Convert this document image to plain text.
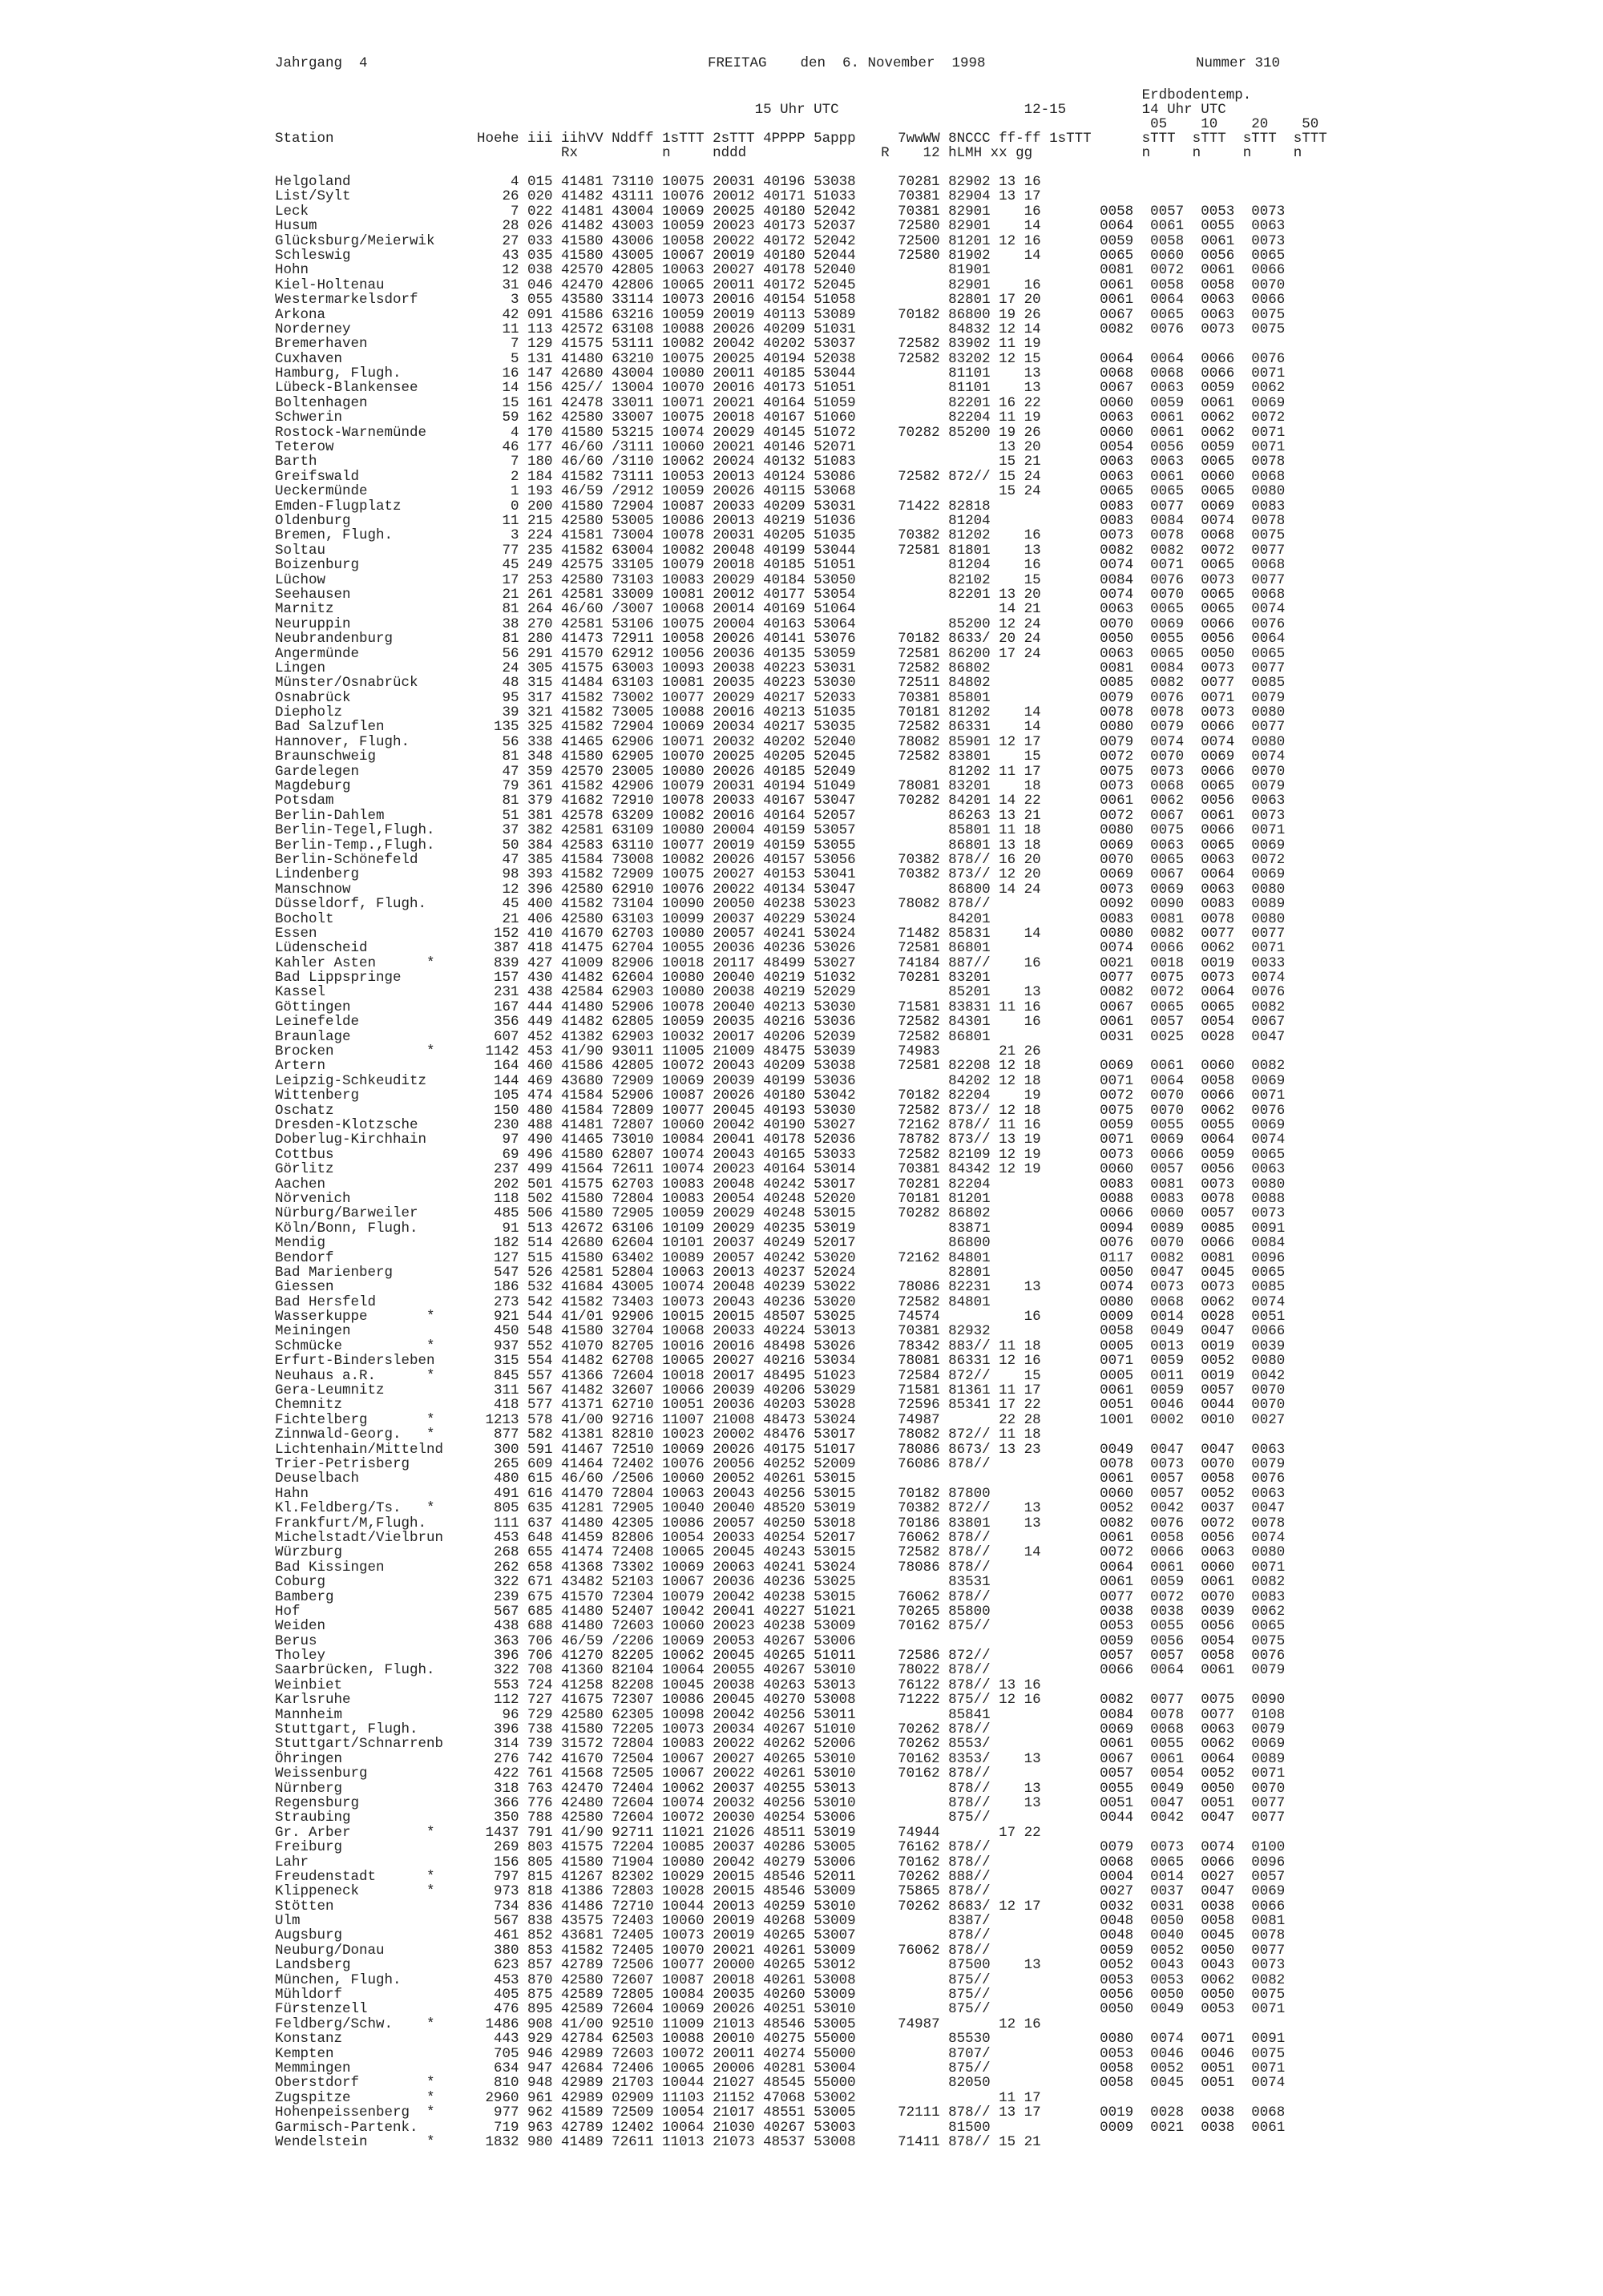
Jahrgang  4	FREITAG    den  6. November  1998	Nummer 310
Erdbodentemp.
15 Uhr UTC                      12-15         14 Uhr UTC
05    10    20    50
Station                 Hoehe iii iihVV Nddff 1sTTT 2sTTT 4PPPP 5appp     7wwWW 8NCCC ff-ff 1sTTT      sTTT  sTTT  sTTT  sTTT
Rx          n     nddd                R    12 hLMH xx gg             n     n     n     n
Helgoland                   4 015 41481 73110 10075 20031 40196 53038     70281 82902 13 16
List/Sylt                  26 020 41482 43111 10076 20012 40171 51033     70381 82904 13 17
Leck                        7 022 41481 43004 10069 20025 40180 52042     70381 82901    16       0058  0057  0053  0073
Husum                      28 026 41482 43003 10059 20023 40173 52037     72580 82901    14       0064  0061  0055  0063
Glücksburg/Meierwik        27 033 41580 43006 10058 20022 40172 52042     72500 81201 12 16       0059  0058  0061  0073
Schleswig                  43 035 41580 43005 10067 20019 40180 52044     72580 81902    14       0065  0060  0056  0065
Hohn                       12 038 42570 42805 10063 20027 40178 52040           81901             0081  0072  0061  0066
Kiel-Holtenau              31 046 42470 42806 10065 20011 40172 52045           82901    16       0061  0058  0058  0070
Westermarkelsdorf           3 055 43580 33114 10073 20016 40154 51058           82801 17 20       0061  0064  0063  0066
Arkona                     42 091 41586 63216 10059 20019 40113 53089     70182 86800 19 26       0067  0065  0063  0075
Norderney                  11 113 42572 63108 10088 20026 40209 51031           84832 12 14       0082  0076  0073  0075
Bremerhaven                 7 129 41575 53111 10082 20042 40202 53037     72582 83902 11 19
Cuxhaven                    5 131 41480 63210 10075 20025 40194 52038     72582 83202 12 15       0064  0064  0066  0076
Hamburg, Flugh.            16 147 42680 43004 10080 20011 40185 53044           81101    13       0068  0068  0066  0071
Lübeck-Blankensee          14 156 425// 13004 10070 20016 40173 51051           81101    13       0067  0063  0059  0062
Boltenhagen                15 161 42478 33011 10071 20021 40164 51059           82201 16 22       0060  0059  0061  0069
Schwerin                   59 162 42580 33007 10075 20018 40167 51060           82204 11 19       0063  0061  0062  0072
Rostock-Warnemünde          4 170 41580 53215 10074 20029 40145 51072     70282 85200 19 26       0060  0061  0062  0071
Teterow                    46 177 46/60 /3111 10060 20021 40146 52071                 13 20       0054  0056  0059  0071
Barth                       7 180 46/60 /3110 10062 20024 40132 51083                 15 21       0063  0063  0065  0078
Greifswald                  2 184 41582 73111 10053 20013 40124 53086     72582 872// 15 24       0063  0061  0060  0068
Ueckermünde                 1 193 46/59 /2912 10059 20026 40115 53068                 15 24       0065  0065  0065  0080
Emden-Flugplatz             0 200 41580 72904 10087 20033 40209 53031     71422 82818             0083  0077  0069  0083
Oldenburg                  11 215 42580 53005 10086 20013 40219 51036           81204             0083  0084  0074  0078
Bremen, Flugh.              3 224 41581 73004 10078 20031 40205 51035     70382 81202    16       0073  0078  0068  0075
Soltau                     77 235 41582 63004 10082 20048 40199 53044     72581 81801    13       0082  0082  0072  0077
Boizenburg                 45 249 42575 33105 10079 20018 40185 51051           81204    16       0074  0071  0065  0068
Lüchow                     17 253 42580 73103 10083 20029 40184 53050           82102    15       0084  0076  0073  0077
Seehausen                  21 261 42581 33009 10081 20012 40177 53054           82201 13 20       0074  0070  0065  0068
Marnitz                    81 264 46/60 /3007 10068 20014 40169 51064                 14 21       0063  0065  0065  0074
Neuruppin                  38 270 42581 53106 10075 20004 40163 53064           85200 12 24       0070  0069  0066  0076
Neubrandenburg             81 280 41473 72911 10058 20026 40141 53076     70182 8633/ 20 24       0050  0055  0056  0064
Angermünde                 56 291 41570 62912 10056 20036 40135 53059     72581 86200 17 24       0063  0065  0050  0065
Lingen                     24 305 41575 63003 10093 20038 40223 53031     72582 86802             0081  0084  0073  0077
Münster/Osnabrück          48 315 41484 63103 10081 20035 40223 53030     72511 84802             0085  0082  0077  0085
Osnabrück                  95 317 41582 73002 10077 20029 40217 52033     70381 85801             0079  0076  0071  0079
Diepholz                   39 321 41582 73005 10088 20016 40213 51035     70181 81202    14       0078  0078  0073  0080
Bad Salzuflen             135 325 41582 72904 10069 20034 40217 53035     72582 86331    14       0080  0079  0066  0077
Hannover, Flugh.           56 338 41465 62906 10071 20032 40202 52040     78082 85901 12 17       0079  0074  0074  0080
Braunschweig               81 348 41580 62905 10070 20025 40205 52045     72582 83801    15       0072  0070  0069  0074
Gardelegen                 47 359 42570 23005 10080 20026 40185 52049           81202 11 17       0075  0073  0066  0070
Magdeburg                  79 361 41582 42906 10079 20031 40194 51049     78081 83201    18       0073  0068  0065  0079
Potsdam                    81 379 41682 72910 10078 20033 40167 53047     70282 84201 14 22       0061  0062  0056  0063
Berlin-Dahlem              51 381 42578 63209 10082 20016 40164 52057           86263 13 21       0072  0067  0061  0073
Berlin-Tegel,Flugh.        37 382 42581 63109 10080 20004 40159 53057           85801 11 18       0080  0075  0066  0071
Berlin-Temp.,Flugh.        50 384 42583 63110 10077 20019 40159 53055           86801 13 18       0069  0063  0065  0069
Berlin-Schönefeld          47 385 41584 73008 10082 20026 40157 53056     70382 878// 16 20       0070  0065  0063  0072
Lindenberg                 98 393 41582 72909 10075 20027 40153 53041     70382 873// 12 20       0069  0067  0064  0069
Manschnow                  12 396 42580 62910 10076 20022 40134 53047           86800 14 24       0073  0069  0063  0080
Düsseldorf, Flugh.         45 400 41582 73104 10090 20050 40238 53023     78082 878//             0092  0090  0083  0089
Bocholt                    21 406 42580 63103 10099 20037 40229 53024           84201             0083  0081  0078  0080
Essen                     152 410 41670 62703 10080 20057 40241 53024     71482 85831    14       0080  0082  0077  0077
Lüdenscheid               387 418 41475 62704 10055 20036 40236 53026     72581 86801             0074  0066  0062  0071
Kahler Asten      *       839 427 41009 82906 10018 20117 48499 53027     74184 887//    16       0021  0018  0019  0033
Bad Lippspringe           157 430 41482 62604 10080 20040 40219 51032     70281 83201             0077  0075  0073  0074
Kassel                    231 438 42584 62903 10080 20038 40219 52029           85201    13       0082  0072  0064  0076
Göttingen                 167 444 41480 52906 10078 20040 40213 53030     71581 83831 11 16       0067  0065  0065  0082
Leinefelde                356 449 41482 62805 10059 20035 40216 53036     72582 84301    16       0061  0057  0054  0067
Braunlage                 607 452 41382 62903 10032 20017 40206 52039     72582 86801             0031  0025  0028  0047
Brocken           *      1142 453 41/90 93011 11005 21009 48475 53039     74983       21 26
Artern                    164 460 41586 42805 10072 20043 40209 53038     72581 82208 12 18       0069  0061  0060  0082
Leipzig-Schkeuditz        144 469 43680 72909 10069 20039 40199 53036           84202 12 18       0071  0064  0058  0069
Wittenberg                105 474 41584 52906 10087 20026 40180 53042     70182 82204    19       0072  0070  0066  0071
Oschatz                   150 480 41584 72809 10077 20045 40193 53030     72582 873// 12 18       0075  0070  0062  0076
Dresden-Klotzsche         230 488 41481 72807 10060 20042 40190 53027     72162 878// 11 16       0059  0055  0055  0069
Doberlug-Kirchhain         97 490 41465 73010 10084 20041 40178 52036     78782 873// 13 19       0071  0069  0064  0074
Cottbus                    69 496 41580 62807 10074 20043 40165 53033     72582 82109 12 19       0073  0066  0059  0065
Görlitz                   237 499 41564 72611 10074 20023 40164 53014     70381 84342 12 19       0060  0057  0056  0063
Aachen                    202 501 41575 62703 10083 20048 40242 53017     70281 82204             0083  0081  0073  0080
Nörvenich                 118 502 41580 72804 10083 20054 40248 52020     70181 81201             0088  0083  0078  0088
Nürburg/Barweiler         485 506 41580 72905 10059 20029 40248 53015     70282 86802             0066  0060  0057  0073
Köln/Bonn, Flugh.          91 513 42672 63106 10109 20029 40235 53019           83871             0094  0089  0085  0091
Mendig                    182 514 42680 62604 10101 20037 40249 52017           86800             0076  0070  0066  0084
Bendorf                   127 515 41580 63402 10089 20057 40242 53020     72162 84801             0117  0082  0081  0096
Bad Marienberg            547 526 42581 52804 10063 20013 40237 52024           82801             0050  0047  0045  0065
Giessen                   186 532 41684 43005 10074 20048 40239 53022     78086 82231    13       0074  0073  0073  0085
Bad Hersfeld              273 542 41582 73403 10073 20043 40236 53020     72582 84801             0080  0068  0062  0074
Wasserkuppe       *       921 544 41/01 92906 10015 20015 48507 53025     74574          16       0009  0014  0028  0051
Meiningen                 450 548 41580 32704 10068 20033 40224 53013     70381 82932             0058  0049  0047  0066
Schmücke          *       937 552 41070 82705 10016 20016 48498 53026     78342 883// 11 18       0005  0013  0019  0039
Erfurt-Bindersleben       315 554 41482 62708 10065 20027 40216 53034     78081 86331 12 16       0071  0059  0052  0080
Neuhaus a.R.      *       845 557 41366 72604 10018 20017 48495 51023     72584 872//    15       0005  0011  0019  0042
Gera-Leumnitz             311 567 41482 32607 10066 20039 40206 53029     71581 81361 11 17       0061  0059  0057  0070
Chemnitz                  418 577 41371 62710 10051 20036 40203 53028     72596 85341 17 22       0051  0046  0044  0070
Fichtelberg       *      1213 578 41/00 92716 11007 21008 48473 53024     74987       22 28       1001  0002  0010  0027
Zinnwald-Georg.   *       877 582 41381 82810 10023 20002 48476 53017     78082 872// 11 18
Lichtenhain/Mittelnd      300 591 41467 72510 10069 20026 40175 51017     78086 8673/ 13 23       0049  0047  0047  0063
Trier-Petrisberg          265 609 41464 72402 10076 20056 40252 52009     76086 878//             0078  0073  0070  0079
Deuselbach                480 615 46/60 /2506 10060 20052 40261 53015                             0061  0057  0058  0076
Hahn                      491 616 41470 72804 10063 20043 40256 53015     70182 87800             0060  0057  0052  0063
Kl.Feldberg/Ts.   *       805 635 41281 72905 10040 20040 48520 53019     70382 872//    13       0052  0042  0037  0047
Frankfurt/M,Flugh.        111 637 41480 42305 10086 20057 40250 53018     70186 83801    13       0082  0076  0072  0078
Michelstadt/Vielbrun      453 648 41459 82806 10054 20033 40254 52017     76062 878//             0061  0058  0056  0074
Würzburg                  268 655 41474 72408 10065 20045 40243 53015     72582 878//    14       0072  0066  0063  0080
Bad Kissingen             262 658 41368 73302 10069 20063 40241 53024     78086 878//             0064  0061  0060  0071
Coburg                    322 671 43482 52103 10067 20036 40236 53025           83531             0061  0059  0061  0082
Bamberg                   239 675 41570 72304 10079 20042 40238 53015     76062 878//             0077  0072  0070  0083
Hof                       567 685 41480 52407 10042 20041 40227 51021     70265 85800             0038  0038  0039  0062
Weiden                    438 688 41480 72603 10060 20023 40238 53009     70162 875//             0053  0055  0056  0065
Berus                     363 706 46/59 /2206 10069 20053 40267 53006                             0059  0056  0054  0075
Tholey                    396 706 41270 82205 10062 20045 40265 51011     72586 872//             0057  0057  0058  0076
Saarbrücken, Flugh.       322 708 41360 82104 10064 20055 40267 53010     78022 878//             0066  0064  0061  0079
Weinbiet                  553 724 41258 82208 10045 20038 40263 53013     76122 878// 13 16
Karlsruhe                 112 727 41675 72307 10086 20045 40270 53008     71222 875// 12 16       0082  0077  0075  0090
Mannheim                   96 729 42580 62305 10098 20042 40256 53011           85841             0084  0078  0077  0108
Stuttgart, Flugh.         396 738 41580 72205 10073 20034 40267 51010     70262 878//             0069  0068  0063  0079
Stuttgart/Schnarrenb      314 739 31572 72804 10083 20022 40262 52006     70262 8553/             0061  0055  0062  0069
Öhringen                  276 742 41670 72504 10067 20027 40265 53010     70162 8353/    13       0067  0061  0064  0089
Weissenburg               422 761 41568 72505 10067 20022 40261 53010     70162 878//             0057  0054  0052  0071
Nürnberg                  318 763 42470 72404 10062 20037 40255 53013           878//    13       0055  0049  0050  0070
Regensburg                366 776 42480 72604 10074 20032 40256 53010           878//    13       0051  0047  0051  0077
Straubing                 350 788 42580 72604 10072 20030 40254 53006           875//             0044  0042  0047  0077
Gr. Arber         *      1437 791 41/90 92711 11021 21026 48511 53019     74944       17 22
Freiburg                  269 803 41575 72204 10085 20037 40286 53005     76162 878//             0079  0073  0074  0100
Lahr                      156 805 41580 71904 10080 20042 40279 53006     70162 878//             0068  0065  0066  0096
Freudenstadt      *       797 815 41267 82302 10029 20015 48546 52011     70262 888//             0004  0014  0027  0057
Klippeneck        *       973 818 41386 72803 10028 20015 48546 53009     75865 878//             0027  0037  0047  0069
Stötten                   734 836 41486 72710 10044 20013 40259 53010     70262 8683/ 12 17       0032  0031  0038  0066
Ulm                       567 838 43575 72403 10060 20019 40268 53009           8387/             0048  0050  0058  0081
Augsburg                  461 852 43681 72405 10073 20019 40265 53007           878//             0048  0040  0045  0078
Neuburg/Donau             380 853 41582 72405 10070 20021 40261 53009     76062 878//             0059  0052  0050  0077
Landsberg                 623 857 42789 72506 10077 20000 40265 53012           87500    13       0052  0043  0043  0073
München, Flugh.           453 870 42580 72607 10087 20018 40261 53008           875//             0053  0053  0062  0082
Mühldorf                  405 875 42589 72805 10084 20035 40260 53009           875//             0056  0050  0050  0075
Fürstenzell               476 895 42589 72604 10069 20026 40251 53010           875//             0050  0049  0053  0071
Feldberg/Schw.    *      1486 908 41/00 92510 11009 21013 48546 53005     74987       12 16
Konstanz                  443 929 42784 62503 10088 20010 40275 55000           85530             0080  0074  0071  0091
Kempten                   705 946 42989 72603 10072 20011 40274 55000           8707/             0053  0046  0046  0075
Memmingen                 634 947 42684 72406 10065 20006 40281 53004           875//             0058  0052  0051  0071
Oberstdorf        *       810 948 42989 21703 10044 21027 48545 55000           82050             0058  0045  0051  0074
Zugspitze         *      2960 961 42989 02909 11103 21152 47068 53002                 11 17
Hohenpeissenberg  *       977 962 41589 72509 10054 21017 48551 53005     72111 878// 13 17       0019  0028  0038  0068
Garmisch-Partenk.         719 963 42789 12402 10064 21030 40267 53003           81500             0009  0021  0038  0061
Wendelstein       *      1832 980 41489 72611 11013 21073 48537 53008     71411 878// 15 21
